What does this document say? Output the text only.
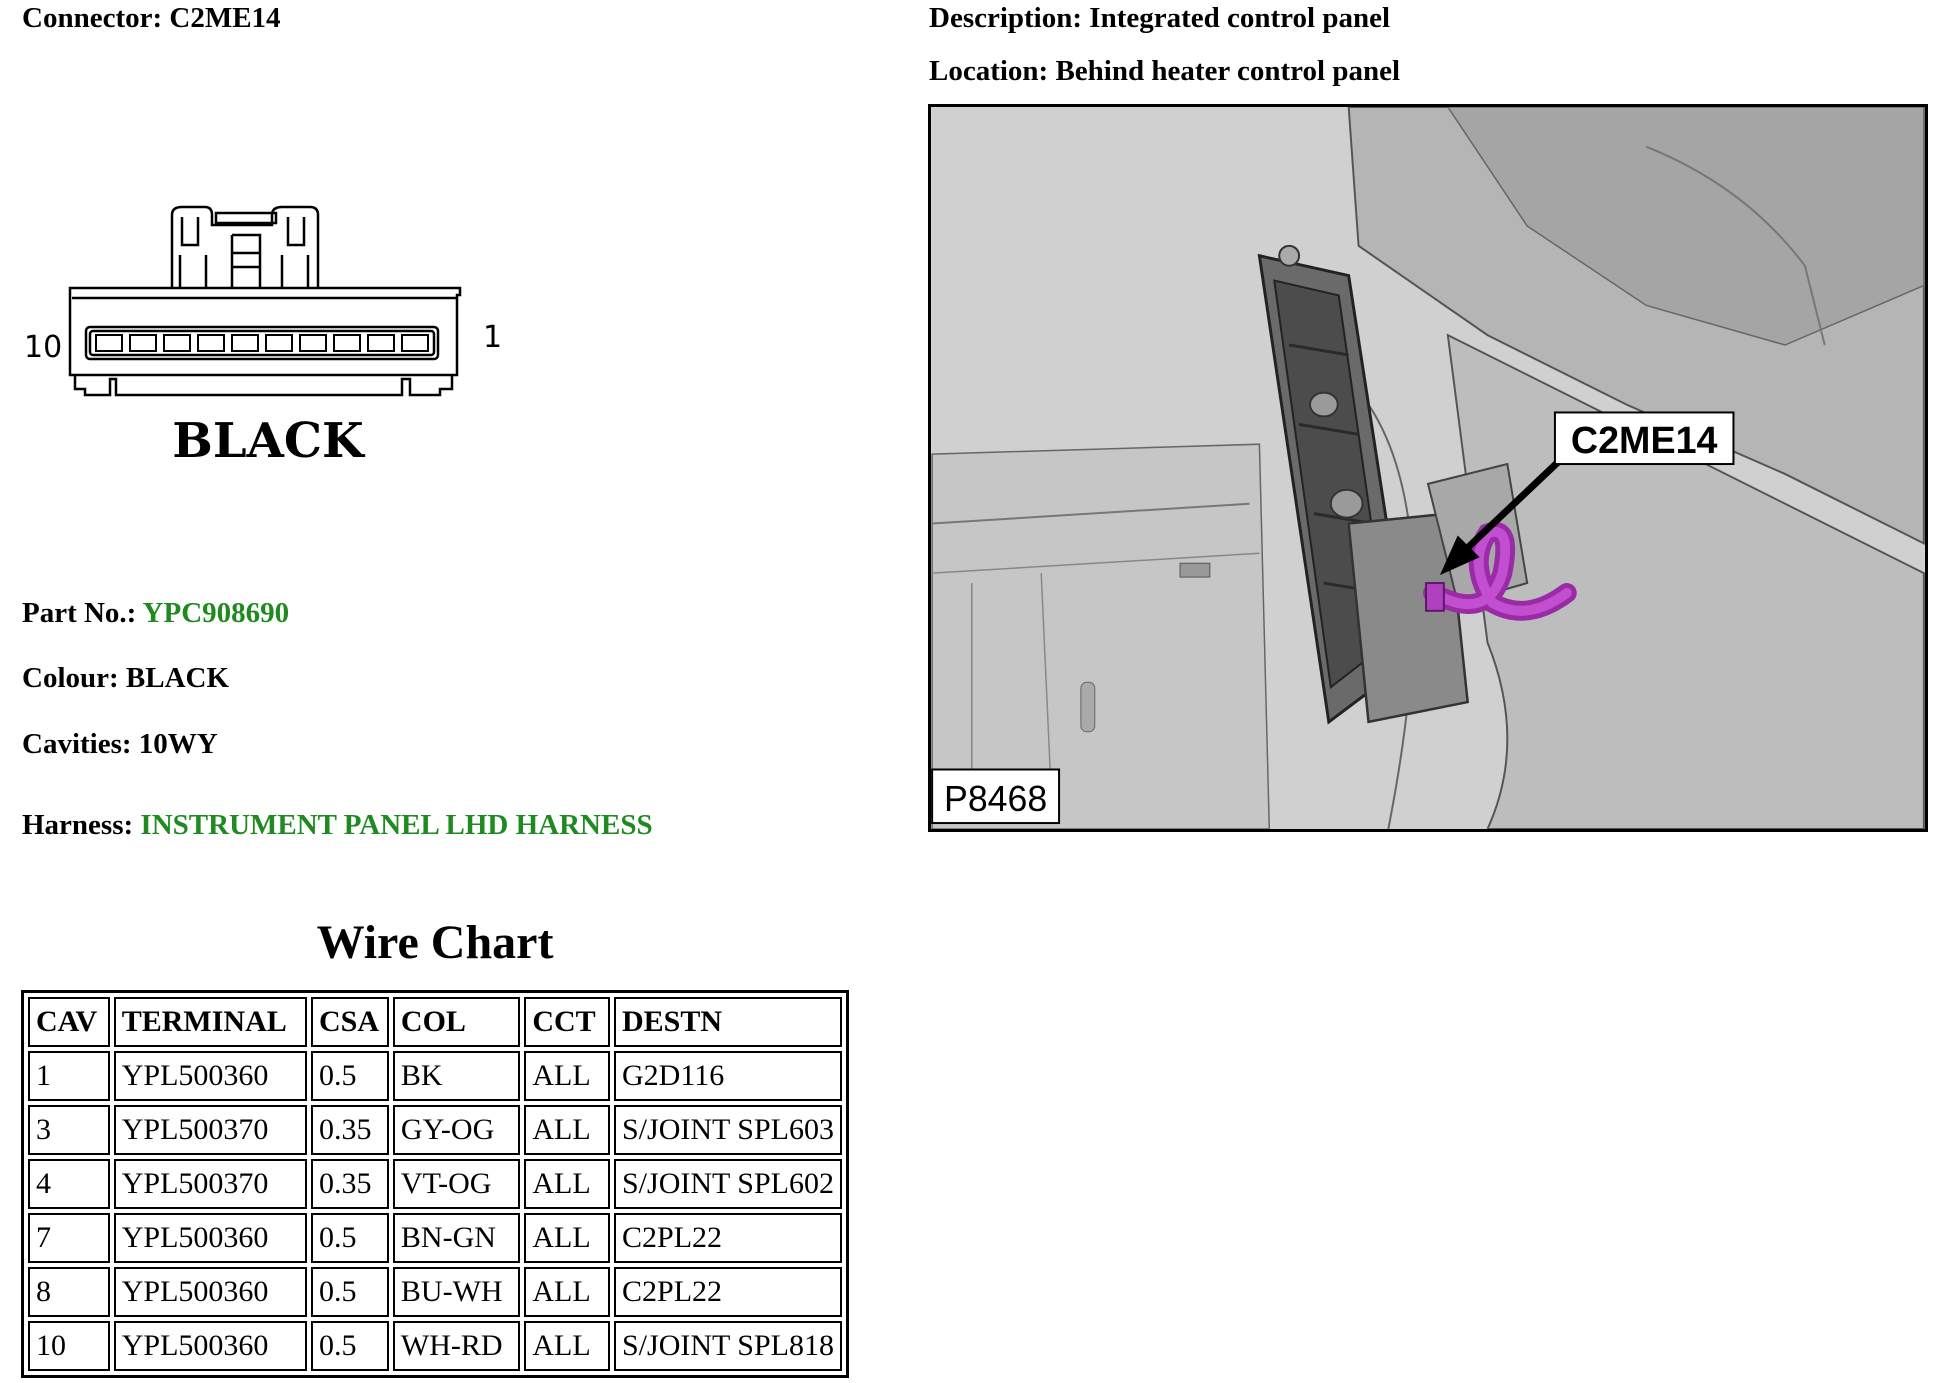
Connector: C2ME14	Description: Integrated control panel
Location: Behind heater control panel
10	1
BLACK	C2ME14
P8468
Part No.: YPC908690
Colour: BLACK
Cavities: 10WY
Harness: INSTRUMENT PANEL LHD HARNESS
Wire Chart
CAV	TERMINAL	CSA	COL	CCT	DESTN
1	YPL500360	0.5	BK	ALL	G2D116
3	YPL500370	0.35	GY-OG	ALL	S/JOINT SPL603
4	YPL500370	0.35	VT-OG	ALL	S/JOINT SPL602
7	YPL500360	0.5	BN-GN	ALL	C2PL22
8	YPL500360	0.5	BU-WH	ALL	C2PL22
10	YPL500360	0.5	WH-RD	ALL	S/JOINT SPL818
